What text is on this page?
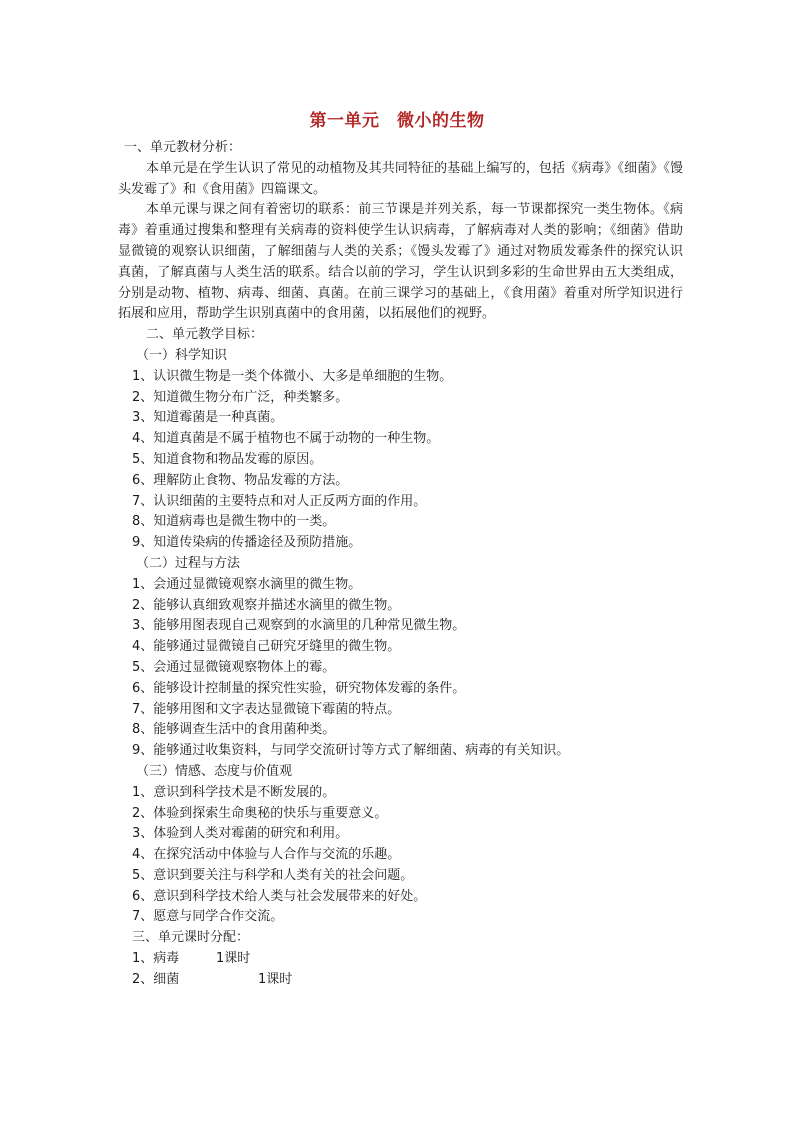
第一单元　微小的生物
一、单元教材分析：
本单元是在学生认识了常见的动植物及其共同特征的基础上编写的，包括《病毒》《细菌》《馒头发霉了》和《食用菌》四篇课文。
本单元课与课之间有着密切的联系：前三节课是并列关系，每一节课都探究一类生物体。《病毒》着重通过搜集和整理有关病毒的资料使学生认识病毒，了解病毒对人类的影响；《细菌》借助显微镜的观察认识细菌，了解细菌与人类的关系；《馒头发霉了》通过对物质发霉条件的探究认识真菌，了解真菌与人类生活的联系。结合以前的学习，学生认识到多彩的生命世界由五大类组成，分别是动物、植物、病毒、细菌、真菌。在前三课学习的基础上，《食用菌》着重对所学知识进行拓展和应用，帮助学生识别真菌中的食用菌，以拓展他们的视野。
二、单元教学目标：
（一）科学知识
1、认识微生物是一类个体微小、大多是单细胞的生物。
2、知道微生物分布广泛，种类繁多。
3、知道霉菌是一种真菌。
4、知道真菌是不属于植物也不属于动物的一种生物。
5、知道食物和物品发霉的原因。
6、理解防止食物、物品发霉的方法。
7、认识细菌的主要特点和对人正反两方面的作用。
8、知道病毒也是微生物中的一类。
9、知道传染病的传播途径及预防措施。
（二）过程与方法
1、会通过显微镜观察水滴里的微生物。
2、能够认真细致观察并描述水滴里的微生物。
3、能够用图表现自己观察到的水滴里的几种常见微生物。
4、能够通过显微镜自己研究牙缝里的微生物。
5、会通过显微镜观察物体上的霉。
6、能够设计控制量的探究性实验，研究物体发霉的条件。
7、能够用图和文字表达显微镜下霉菌的特点。
8、能够调查生活中的食用菌种类。
9、能够通过收集资料，与同学交流研讨等方式了解细菌、病毒的有关知识。
（三）情感、态度与价值观
1、意识到科学技术是不断发展的。
2、体验到探索生命奥秘的快乐与重要意义。
3、体验到人类对霉菌的研究和利用。
4、在探究活动中体验与人合作与交流的乐趣。
5、意识到要关注与科学和人类有关的社会问题。
6、意识到科学技术给人类与社会发展带来的好处。
7、愿意与同学合作交流。
三、单元课时分配：
1、病毒	1课时
2、细菌	1课时
